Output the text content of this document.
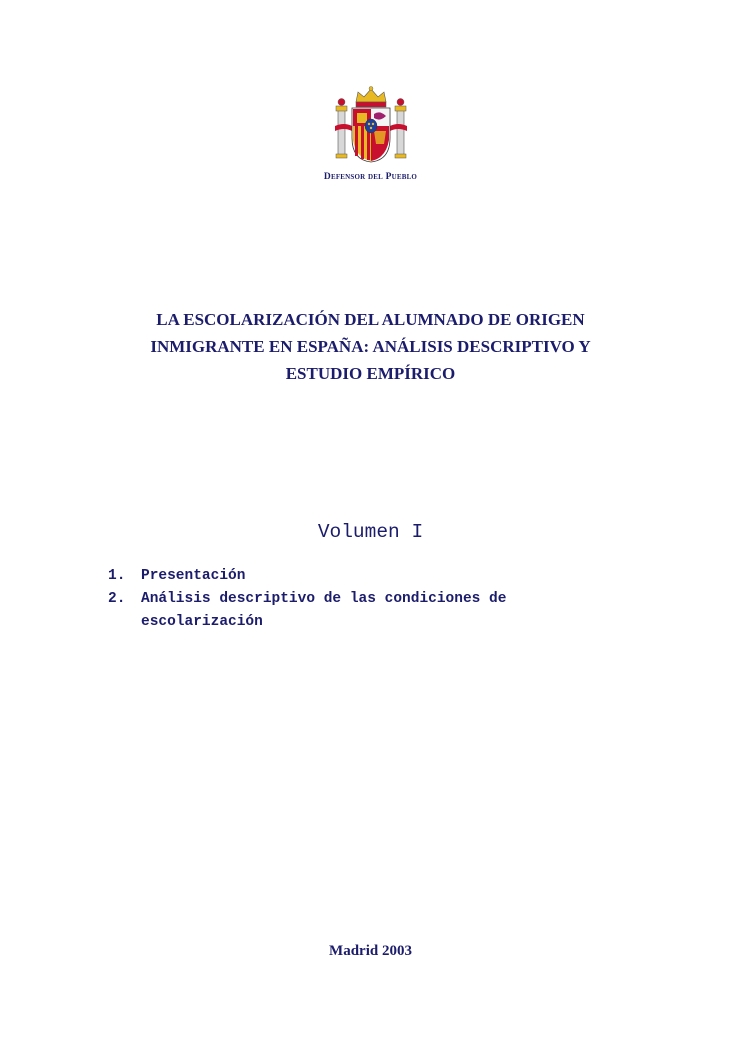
Defensor del Pueblo
LA ESCOLARIZACIÓN DEL ALUMNADO DE ORIGEN
INMIGRANTE EN ESPAÑA: ANÁLISIS DESCRIPTIVO Y
ESTUDIO EMPÍRICO
Volumen I
1.	Presentación
2.	Análisis descriptivo de las condiciones de escolarización
Madrid 2003
